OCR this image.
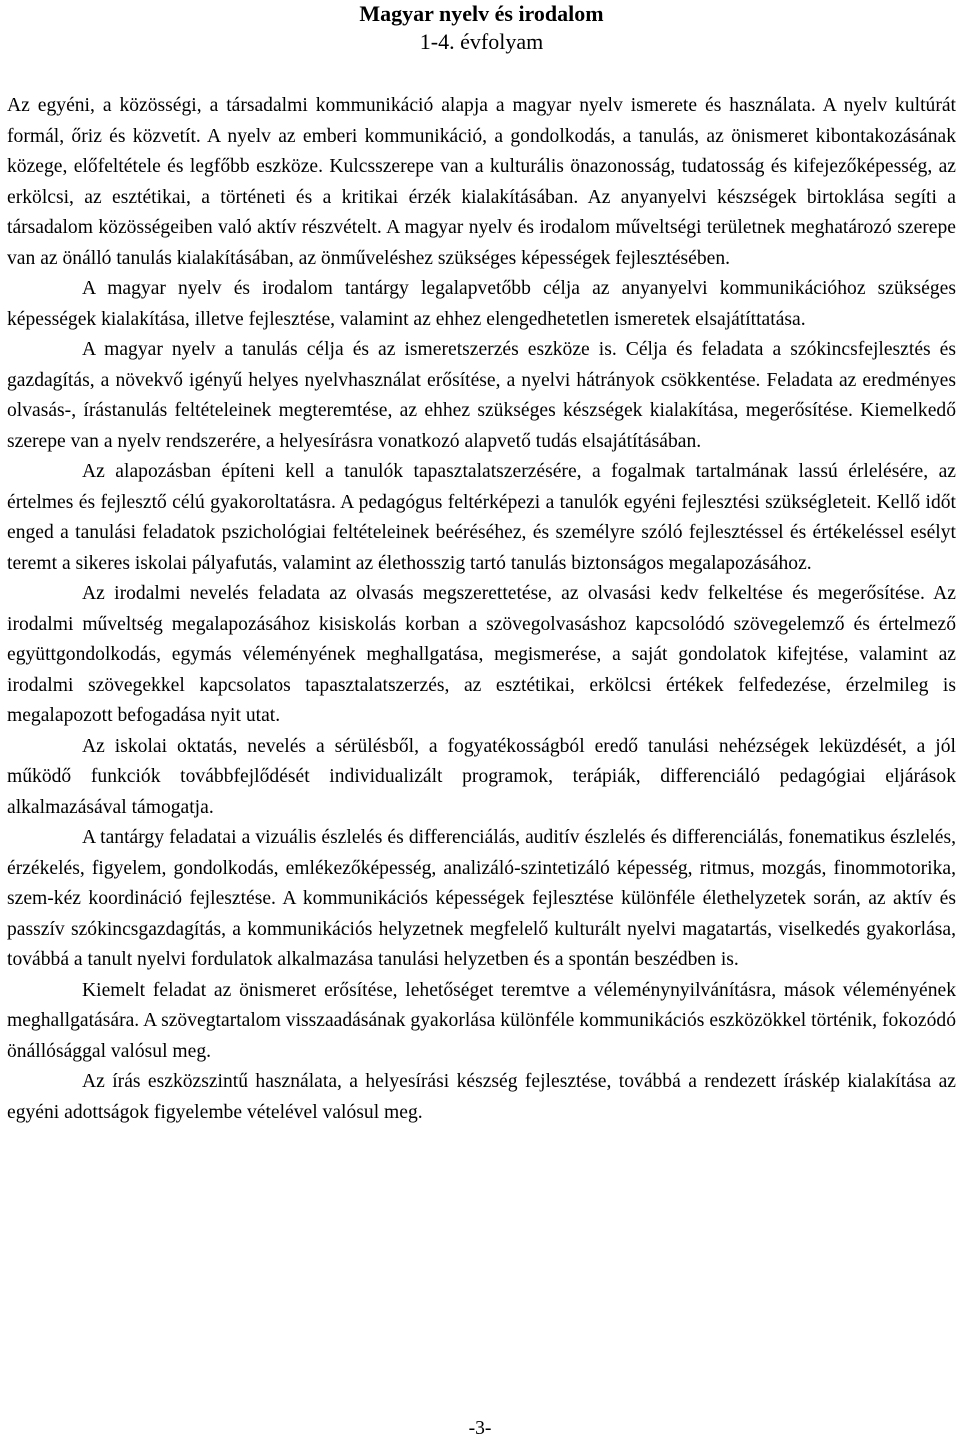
Magyar nyelv és irodalom
1-4. évfolyam

Az egyéni, a közösségi, a társadalmi kommunikáció alapja a magyar nyelv ismerete és használata. A nyelv kultúrát formál, őriz és közvetít. A nyelv az emberi kommunikáció, a gondolkodás, a tanulás, az önismeret kibontakozásának közege, előfeltétele és legfőbb eszköze. Kulcsszerepe van a kulturális önazonosság, tudatosság és kifejezőképesség, az erkölcsi, az esztétikai, a történeti és a kritikai érzék kialakításában. Az anyanyelvi készségek birtoklása segíti a társadalom közösségeiben való aktív részvételt. A magyar nyelv és irodalom műveltségi területnek meghatározó szerepe van az önálló tanulás kialakításában, az önműveléshez szükséges képességek fejlesztésében.

A magyar nyelv és irodalom tantárgy legalapvetőbb célja az anyanyelvi kommunikációhoz szükséges képességek kialakítása, illetve fejlesztése, valamint az ehhez elengedhetetlen ismeretek elsajátíttatása.

A magyar nyelv a tanulás célja és az ismeretszerzés eszköze is. Célja és feladata a szókincsfejlesztés és gazdagítás, a növekvő igényű helyes nyelvhasználat erősítése, a nyelvi hátrányok csökkentése. Feladata az eredményes olvasás-, írástanulás feltételeinek megteremtése, az ehhez szükséges készségek kialakítása, megerősítése. Kiemelkedő szerepe van a nyelv rendszerére, a helyesírásra vonatkozó alapvető tudás elsajátításában.

Az alapozásban építeni kell a tanulók tapasztalatszerzésére, a fogalmak tartalmának lassú érlelésére, az értelmes és fejlesztő célú gyakoroltatásra. A pedagógus feltérképezi a tanulók egyéni fejlesztési szükségleteit. Kellő időt enged a tanulási feladatok pszichológiai feltételeinek beéréséhez, és személyre szóló fejlesztéssel és értékeléssel esélyt teremt a sikeres iskolai pályafutás, valamint az élethosszig tartó tanulás biztonságos megalapozásához.

Az irodalmi nevelés feladata az olvasás megszerettetése, az olvasási kedv felkeltése és megerősítése. Az irodalmi műveltség megalapozásához kisiskolás korban a szövegolvasáshoz kapcsolódó szövegelemző és értelmező együttgondolkodás, egymás véleményének meghallgatása, megismerése, a saját gondolatok kifejtése, valamint az irodalmi szövegekkel kapcsolatos tapasztalatszerzés, az esztétikai, erkölcsi értékek felfedezése, érzelmileg is megalapozott befogadása nyit utat.

Az iskolai oktatás, nevelés a sérülésből, a fogyatékosságból eredő tanulási nehézségek leküzdését, a jól működő funkciók továbbfejlődését individualizált programok, terápiák, differenciáló pedagógiai eljárások alkalmazásával támogatja.

A tantárgy feladatai a vizuális észlelés és differenciálás, auditív észlelés és differenciálás, fonematikus észlelés, érzékelés, figyelem, gondolkodás, emlékezőképesség, analizáló-szintetizáló képesség, ritmus, mozgás, finommotorika, szem-kéz koordináció fejlesztése. A kommunikációs képességek fejlesztése különféle élethelyzetek során, az aktív és passzív szókincsgazdagítás, a kommunikációs helyzetnek megfelelő kulturált nyelvi magatartás, viselkedés gyakorlása, továbbá a tanult nyelvi fordulatok alkalmazása tanulási helyzetben és a spontán beszédben is.

Kiemelt feladat az önismeret erősítése, lehetőséget teremtve a véleménynyilvánításra, mások véleményének meghallgatására. A szövegtartalom visszaadásának gyakorlása különféle kommunikációs eszközökkel történik, fokozódó önállósággal valósul meg.

Az írás eszközszintű használata, a helyesírási készség fejlesztése, továbbá a rendezett íráskép kialakítása az egyéni adottságok figyelembe vételével valósul meg.

-3-
